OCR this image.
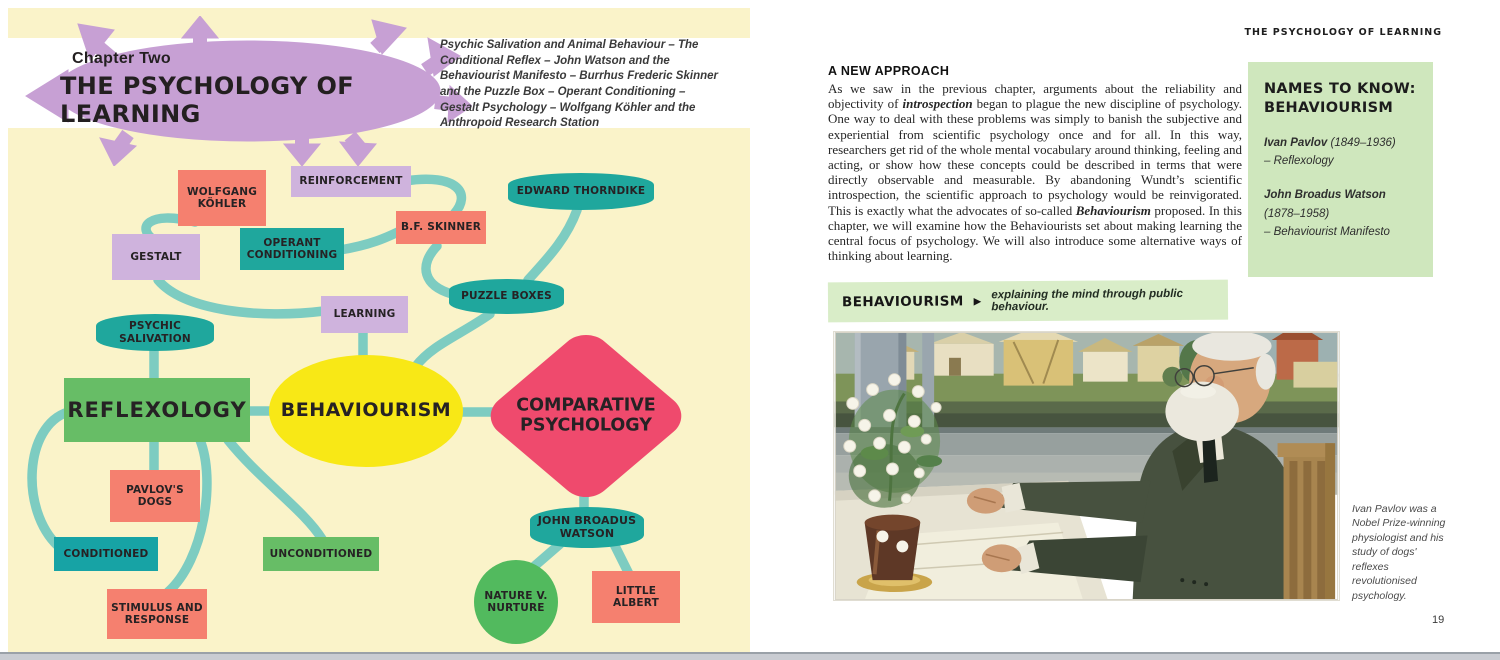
Chapter Two
THE PSYCHOLOGY OF LEARNING
Psychic Salivation and Animal Behaviour – The Conditional Reflex – John Watson and the Behaviourist Manifesto – Burrhus Frederic Skinner and the Puzzle Box – Operant Conditioning – Gestalt Psychology – Wolfgang Köhler and the Anthropoid Research Station
REINFORCEMENT
WOLFGANG KÖHLER
EDWARD THORNDIKE
B.F. SKINNER
OPERANT CONDITIONING
GESTALT
PUZZLE BOXES
LEARNING
PSYCHIC SALIVATION
REFLEXOLOGY	BEHAVIOURISM	COMPARATIVE PSYCHOLOGY
PAVLOV'S DOGS
CONDITIONED	UNCONDITIONED
STIMULUS AND RESPONSE
JOHN BROADUS WATSON
NATURE V. NURTURE
LITTLE ALBERT
THE PSYCHOLOGY OF LEARNING
A NEW APPROACH

As we saw in the previous chapter, arguments about the reliability and objectivity of introspection began to plague the new discipline of psychology. One way to deal with these problems was simply to banish the subjective and experiential from scientific psychology once and for all. In this way, researchers get rid of the whole mental vocabulary around thinking, feeling and acting, or show how these concepts could be described in terms that were directly observable and measurable. By abandoning Wundt’s scientific introspection, the scientific approach to psychology would be reinvigorated. This is exactly what the advocates of so-called Behaviourism proposed. In this chapter, we will examine how the Behaviourists set about making learning the central focus of psychology. We will also introduce some alternative ways of thinking about learning.

NAMES TO KNOW:
BEHAVIOURISM
Ivan Pavlov (1849–1936)
– Reflexology
John Broadus Watson (1878–1958)
– Behaviourist Manifesto
BEHAVIOURISM ▶
explaining the mind through public behaviour.
Ivan Pavlov was a Nobel Prize-winning physiologist and his study of dogs' reflexes revolutionised psychology.
19
